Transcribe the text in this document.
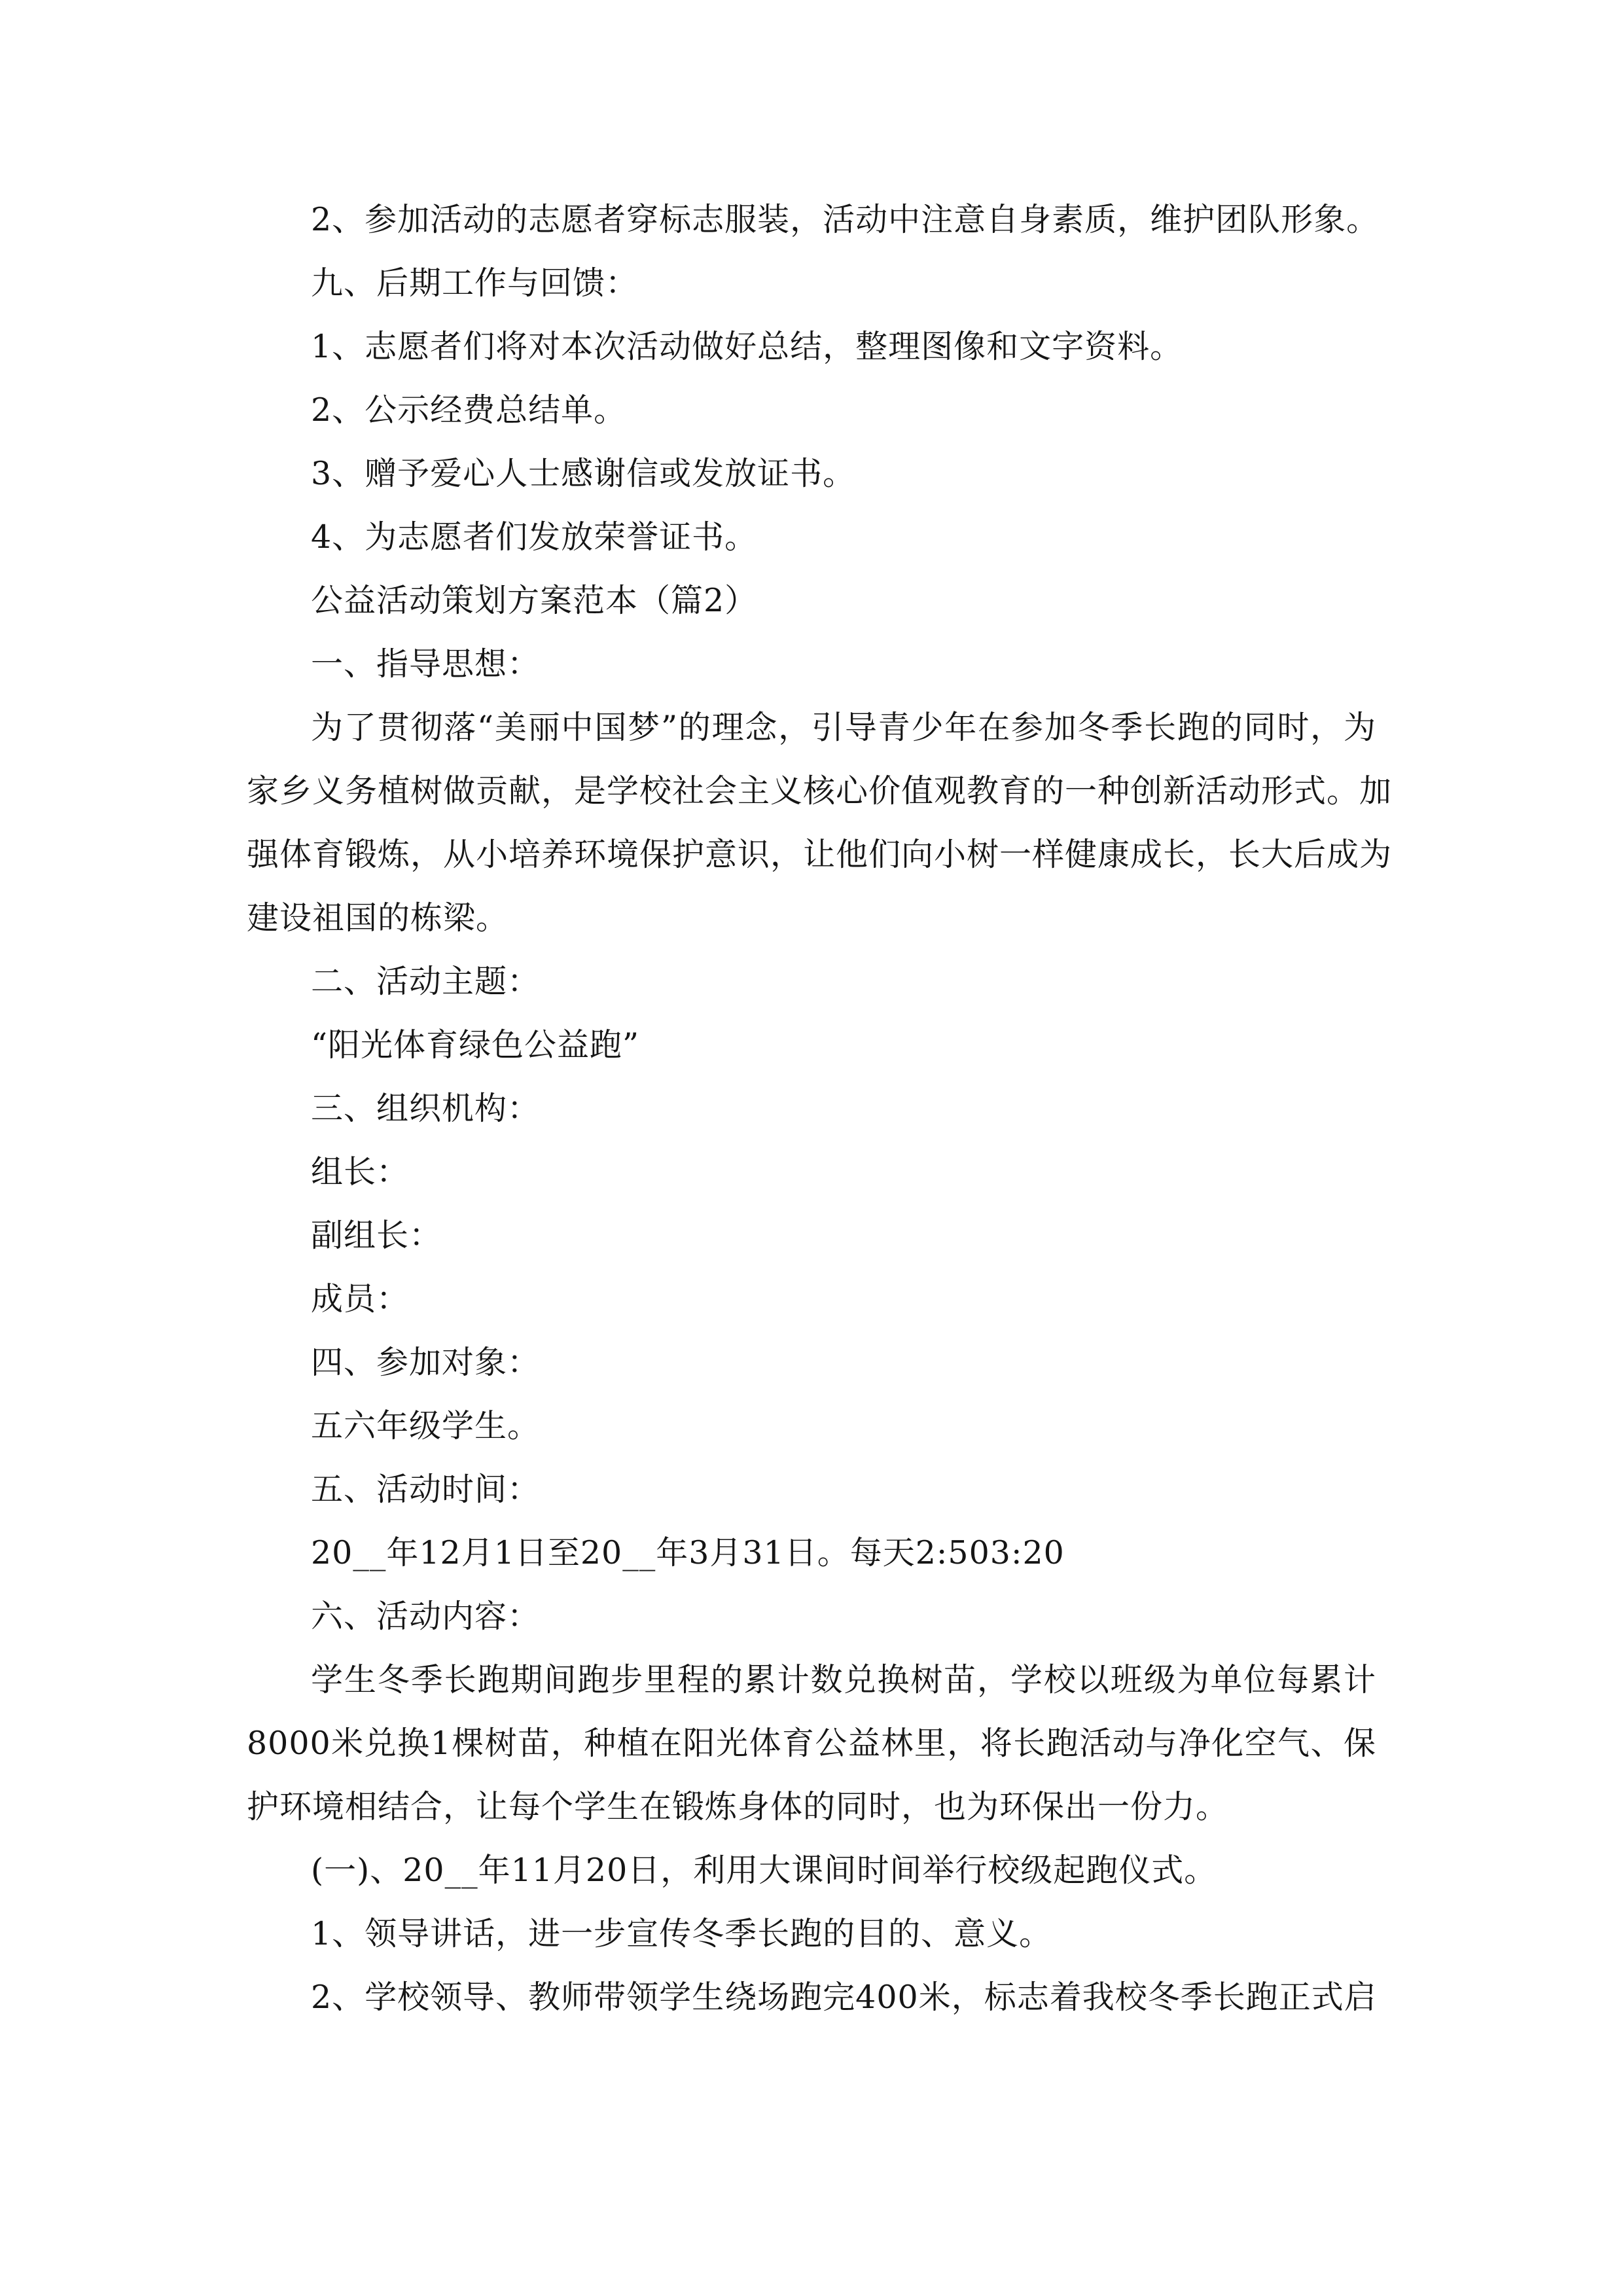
2、参加活动的志愿者穿标志服装，活动中注意自身素质，维护团队形象。
九、后期工作与回馈：
1、志愿者们将对本次活动做好总结，整理图像和文字资料。
2、公示经费总结单。
3、赠予爱心人士感谢信或发放证书。
4、为志愿者们发放荣誉证书。
公益活动策划方案范本（篇2）
一、指导思想：
为了贯彻落“美丽中国梦”的理念，引导青少年在参加冬季长跑的同时，为
家乡义务植树做贡献，是学校社会主义核心价值观教育的一种创新活动形式。加
强体育锻炼，从小培养环境保护意识，让他们向小树一样健康成长，长大后成为
建设祖国的栋梁。
二、活动主题：
“阳光体育绿色公益跑”
三、组织机构：
组长：
副组长：
成员：
四、参加对象：
五六年级学生。
五、活动时间：
20__年12月1日至20__年3月31日。每天2:503:20
六、活动内容：
学生冬季长跑期间跑步里程的累计数兑换树苗，学校以班级为单位每累计
8000米兑换1棵树苗，种植在阳光体育公益林里，将长跑活动与净化空气、保
护环境相结合，让每个学生在锻炼身体的同时，也为环保出一份力。
(一)、20__年11月20日，利用大课间时间举行校级起跑仪式。
1、领导讲话，进一步宣传冬季长跑的目的、意义。
2、学校领导、教师带领学生绕场跑完400米，标志着我校冬季长跑正式启
